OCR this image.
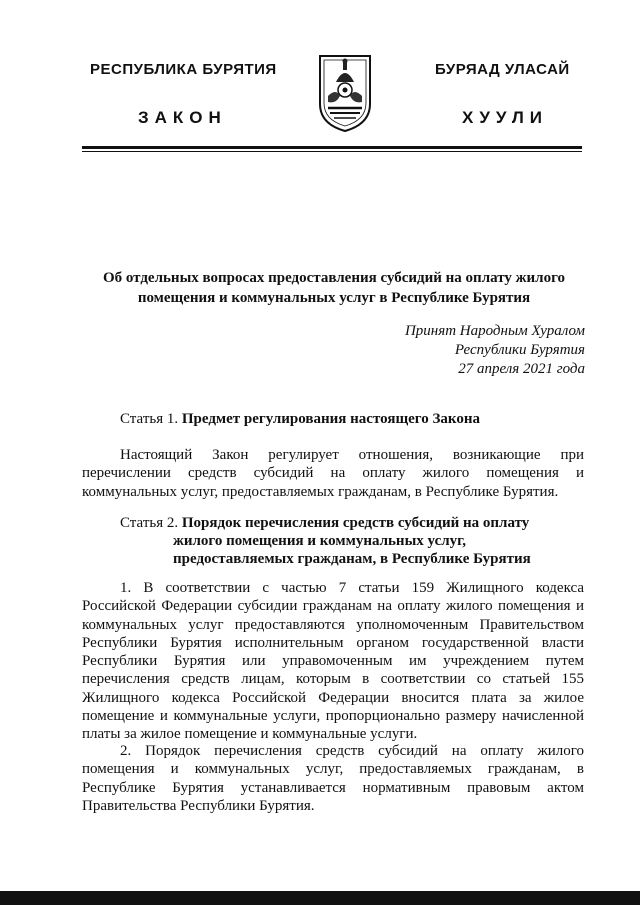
РЕСПУБЛИКА БУРЯТИЯ	БУРЯАД УЛАСАЙ
ЗАКОН	ХУУЛИ
Об отдельных вопросах предоставления субсидий на оплату жилого
помещения и коммунальных услуг в Республике Бурятия
Принят Народным Хуралом
Республики Бурятия
27 апреля 2021 года
Статья 1. Предмет регулирования настоящего Закона
Настоящий Закон регулирует отношения, возникающие при перечислении средств субсидий на оплату жилого помещения и коммунальных услуг, предоставляемых гражданам, в Республике Бурятия.
Статья 2. Порядок перечисления средств субсидий на оплату
жилого помещения и коммунальных услуг,
предоставляемых гражданам, в Республике Бурятия
1. В соответствии с частью 7 статьи 159 Жилищного кодекса Российской Федерации субсидии гражданам на оплату жилого помещения и коммунальных услуг предоставляются уполномоченным Правительством Республики Бурятия исполнительным органом государственной власти Республики Бурятия или управомоченным им учреждением путем перечисления средств лицам, которым в соответствии со статьей 155 Жилищного кодекса Российской Федерации вносится плата за жилое помещение и коммунальные услуги, пропорционально размеру начисленной платы за жилое помещение и коммунальные услуги.
2. Порядок перечисления средств субсидий на оплату жилого помещения и коммунальных услуг, предоставляемых гражданам, в Республике Бурятия устанавливается нормативным правовым актом Правительства Республики Бурятия.
